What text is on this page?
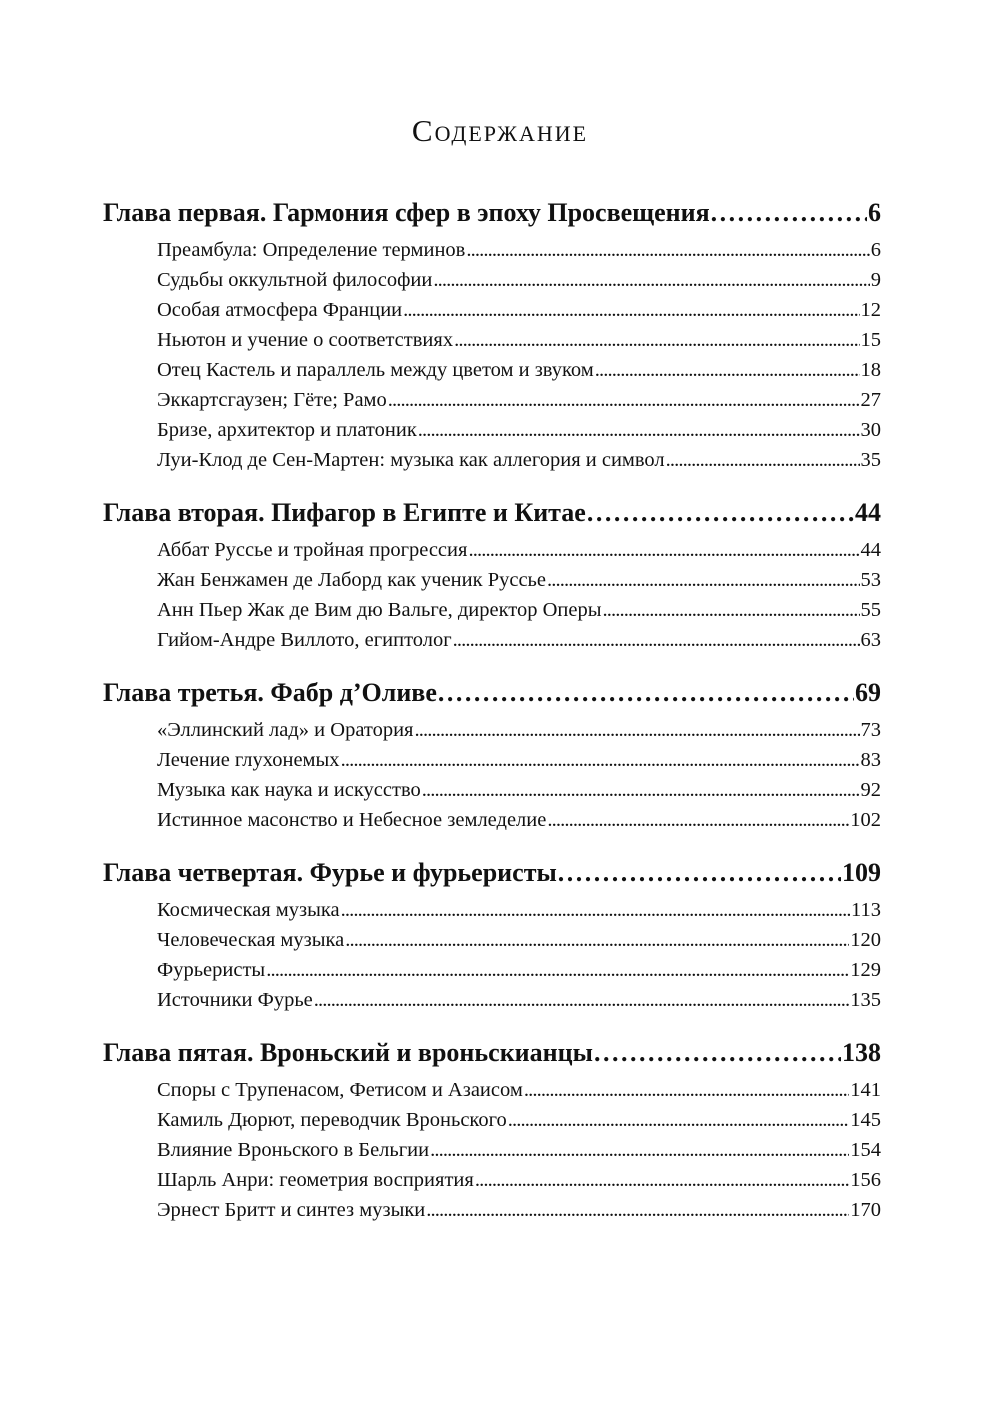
Содержание
Глава первая. Гармония сфер в эпоху Просвещения . . .	6
Преамбула: Определение терминов . . .	6
Судьбы оккультной философии . . .	9
Особая атмосфера Франции . . .	12
Ньютон и учение о соответствиях . . .	15
Отец Кастель и параллель между цветом и звуком . . .	18
Эккартсгаузен; Гёте; Рамо . . .	27
Бризе, архитектор и платоник . . .	30
Луи-Клод де Сен-Мартен: музыка как аллегория и символ . . .	35
Глава вторая. Пифагор в Египте и Китае . . .	44
Аббат Руссье и тройная прогрессия . . .	44
Жан Бенжамен де Лаборд как ученик Руссье . . .	53
Анн Пьер Жак де Вим дю Вальге, директор Оперы . . .	55
Гийом-Андре Виллото, египтолог . . .	63
Глава третья. Фабр д’Оливе . . .	69
«Эллинский лад» и Оратория . . .	73
Лечение глухонемых . . .	83
Музыка как наука и искусство . . .	92
Истинное масонство и Небесное земледелие . . .	102
Глава четвертая. Фурье и фурьеристы . . .	109
Космическая музыка . . .	113
Человеческая музыка . . .	120
Фурьеристы . . .	129
Источники Фурье . . .	135
Глава пятая. Вроньский и вроньскианцы . . .	138
Споры с Трупенасом, Фетисом и Азаисом . . .	141
Камиль Дюрют, переводчик Вроньского . . .	145
Влияние Вроньского в Бельгии . . .	154
Шарль Анри: геометрия восприятия . . .	156
Эрнест Бритт и синтез музыки . . .	170
